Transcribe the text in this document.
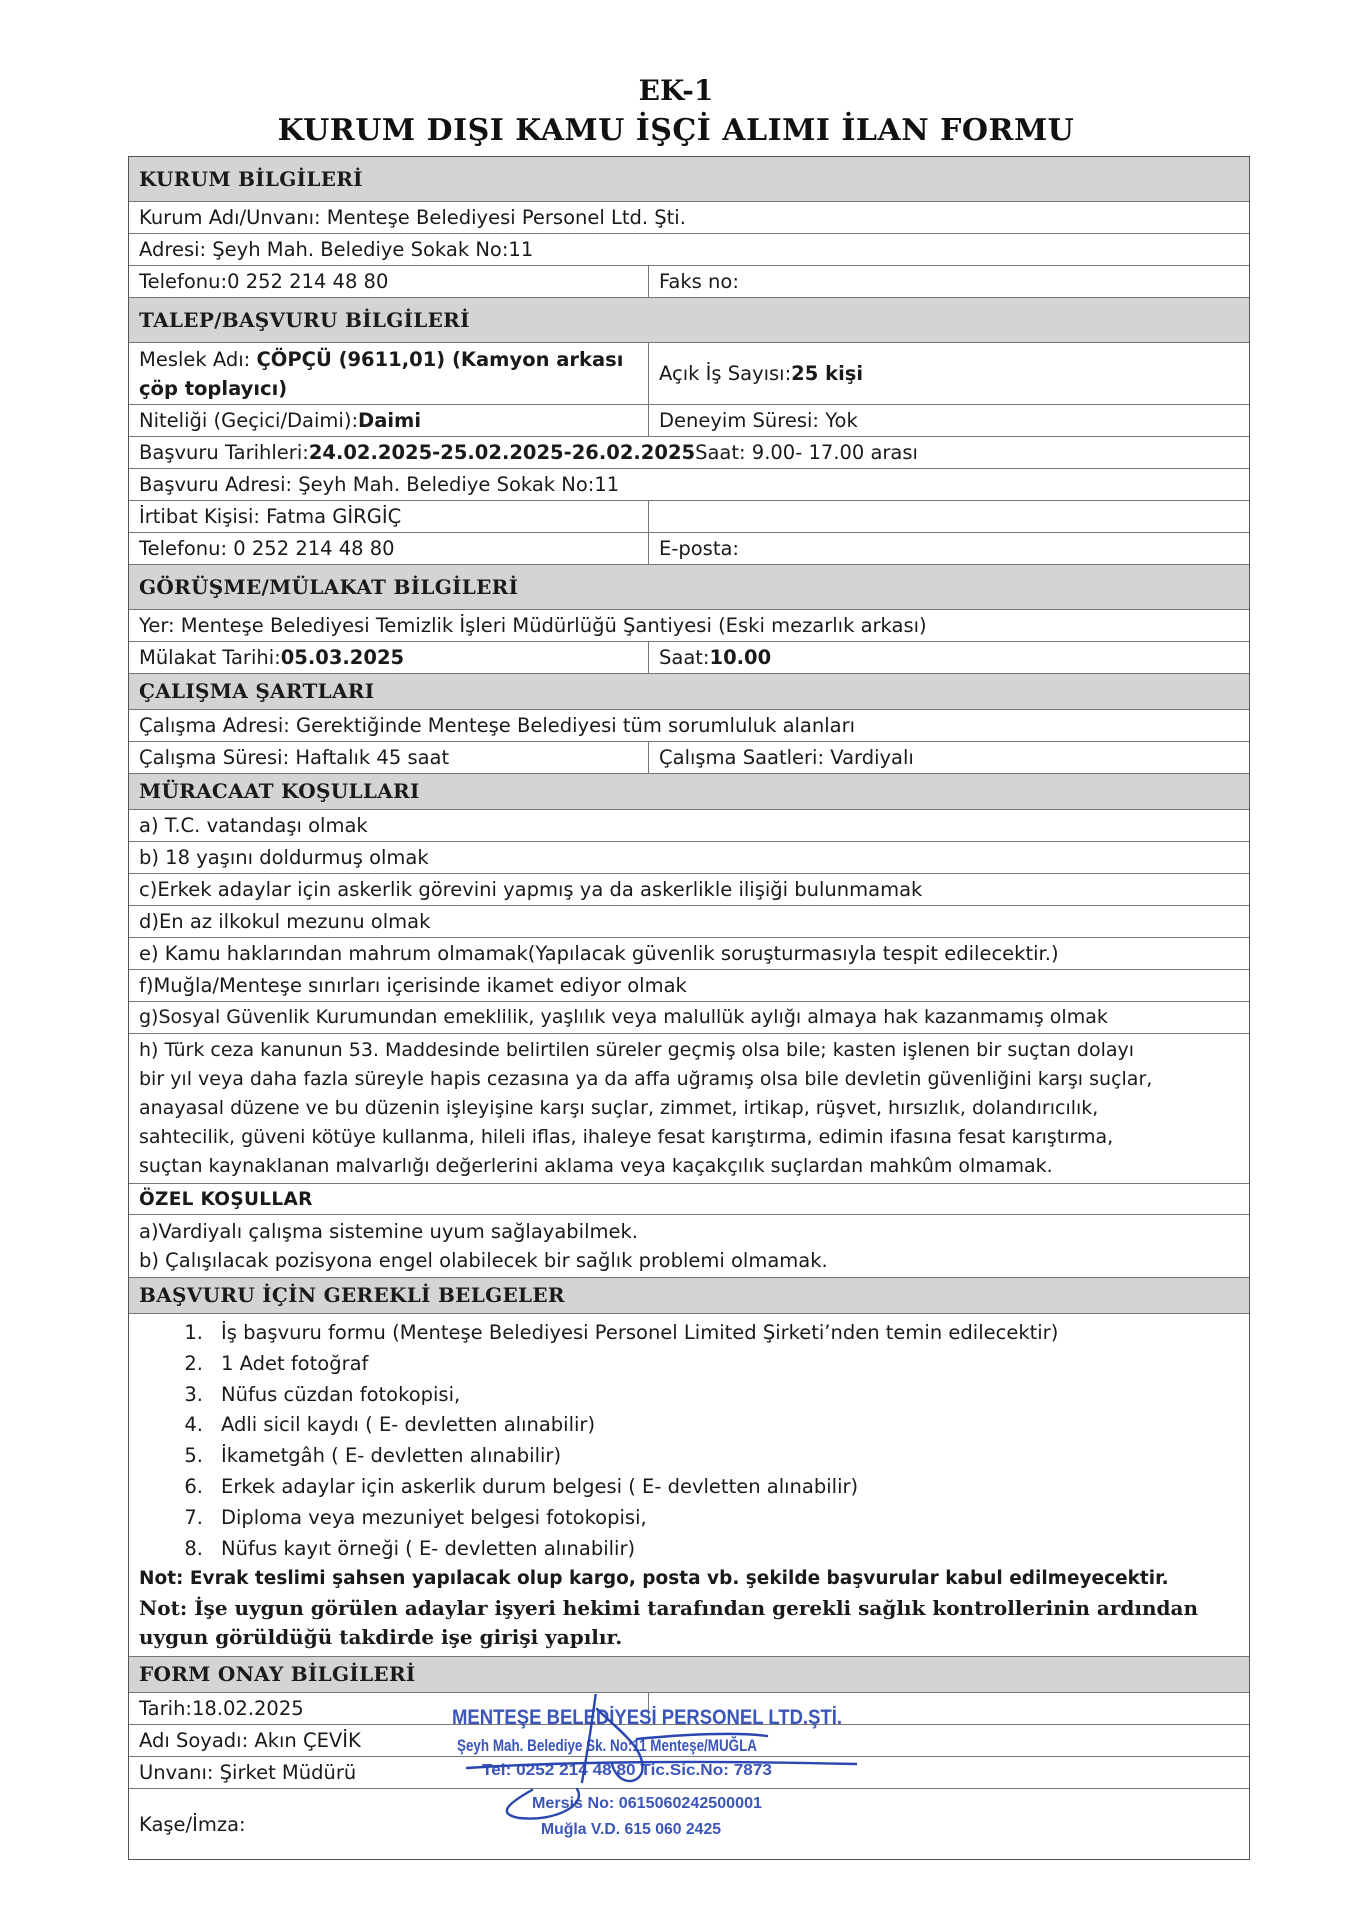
EK-1
KURUM DIŞI KAMU İŞÇİ ALIMI İLAN FORMU
KURUM BİLGİLERİ
Kurum Adı/Unvanı: Menteşe Belediyesi Personel Ltd. Şti.
Adresi: Şeyh Mah. Belediye Sokak No:11
Telefonu:0 252 214 48 80	Faks no:
TALEP/BAŞVURU BİLGİLERİ
Meslek Adı: ÇÖPÇÜ (9611,01) (Kamyon arkası
çöp toplayıcı)
Açık İş Sayısı: 25 kişi
Niteliği (Geçici/Daimi): Daimi	Deneyim Süresi: Yok
Başvuru Tarihleri: 24.02.2025-25.02.2025-26.02.2025 Saat: 9.00- 17.00 arası
Başvuru Adresi: Şeyh Mah. Belediye Sokak No:11
İrtibat Kişisi: Fatma GİRGİÇ
Telefonu: 0 252 214 48 80	E-posta:
GÖRÜŞME/MÜLAKAT BİLGİLERİ
Yer: Menteşe Belediyesi Temizlik İşleri Müdürlüğü Şantiyesi (Eski mezarlık arkası)
Mülakat Tarihi: 05.03.2025	Saat: 10.00
ÇALIŞMA ŞARTLARI
Çalışma Adresi: Gerektiğinde Menteşe Belediyesi tüm sorumluluk alanları
Çalışma Süresi: Haftalık 45 saat	Çalışma Saatleri: Vardiyalı
MÜRACAAT KOŞULLARI
a) T.C. vatandaşı olmak
b) 18 yaşını doldurmuş olmak
c)Erkek adaylar için askerlik görevini yapmış ya da askerlikle ilişiği bulunmamak
d)En az ilkokul mezunu olmak
e) Kamu haklarından mahrum olmamak(Yapılacak güvenlik soruşturmasıyla tespit edilecektir.)
f)Muğla/Menteşe sınırları içerisinde ikamet ediyor olmak
g)Sosyal Güvenlik Kurumundan emeklilik, yaşlılık veya malullük aylığı almaya hak kazanmamış olmak
h) Türk ceza kanunun 53. Maddesinde belirtilen süreler geçmiş olsa bile; kasten işlenen bir suçtan dolayı
bir yıl veya daha fazla süreyle hapis cezasına ya da affa uğramış olsa bile devletin güvenliğini karşı suçlar,
anayasal düzene ve bu düzenin işleyişine karşı suçlar, zimmet, irtikap, rüşvet, hırsızlık, dolandırıcılık,
sahtecilik, güveni kötüye kullanma, hileli iflas, ihaleye fesat karıştırma, edimin ifasına fesat karıştırma,
suçtan kaynaklanan malvarlığı değerlerini aklama veya kaçakçılık suçlardan mahkûm olmamak.
ÖZEL KOŞULLAR
a)Vardiyalı çalışma sistemine uyum sağlayabilmek.
b) Çalışılacak pozisyona engel olabilecek bir sağlık problemi olmamak.
BAŞVURU İÇİN GEREKLİ BELGELER
1. İş başvuru formu (Menteşe Belediyesi Personel Limited Şirketi’nden temin edilecektir)
2. 1 Adet fotoğraf
3. Nüfus cüzdan fotokopisi,
4. Adli sicil kaydı ( E- devletten alınabilir)
5. İkametgâh ( E- devletten alınabilir)
6. Erkek adaylar için askerlik durum belgesi ( E- devletten alınabilir)
7. Diploma veya mezuniyet belgesi fotokopisi,
8. Nüfus kayıt örneği ( E- devletten alınabilir)
Not: Evrak teslimi şahsen yapılacak olup kargo, posta vb. şekilde başvurular kabul edilmeyecektir.
Not: İşe uygun görülen adaylar işyeri hekimi tarafından gerekli sağlık kontrollerinin ardından
uygun görüldüğü takdirde işe girişi yapılır.
FORM ONAY BİLGİLERİ
Tarih:18.02.2025
Adı Soyadı: Akın ÇEVİK
Unvanı: Şirket Müdürü
Kaşe/İmza:
MENTEŞE BELEDİYESİ PERSONEL LTD.ŞTİ.
Şeyh Mah. Belediye Sk. No:11 Menteşe/MUĞLA
Tel: 0252 214 48 80 Tic.Sic.No: 7873
Mersis No: 0615060242500001
Muğla V.D. 615 060 2425
